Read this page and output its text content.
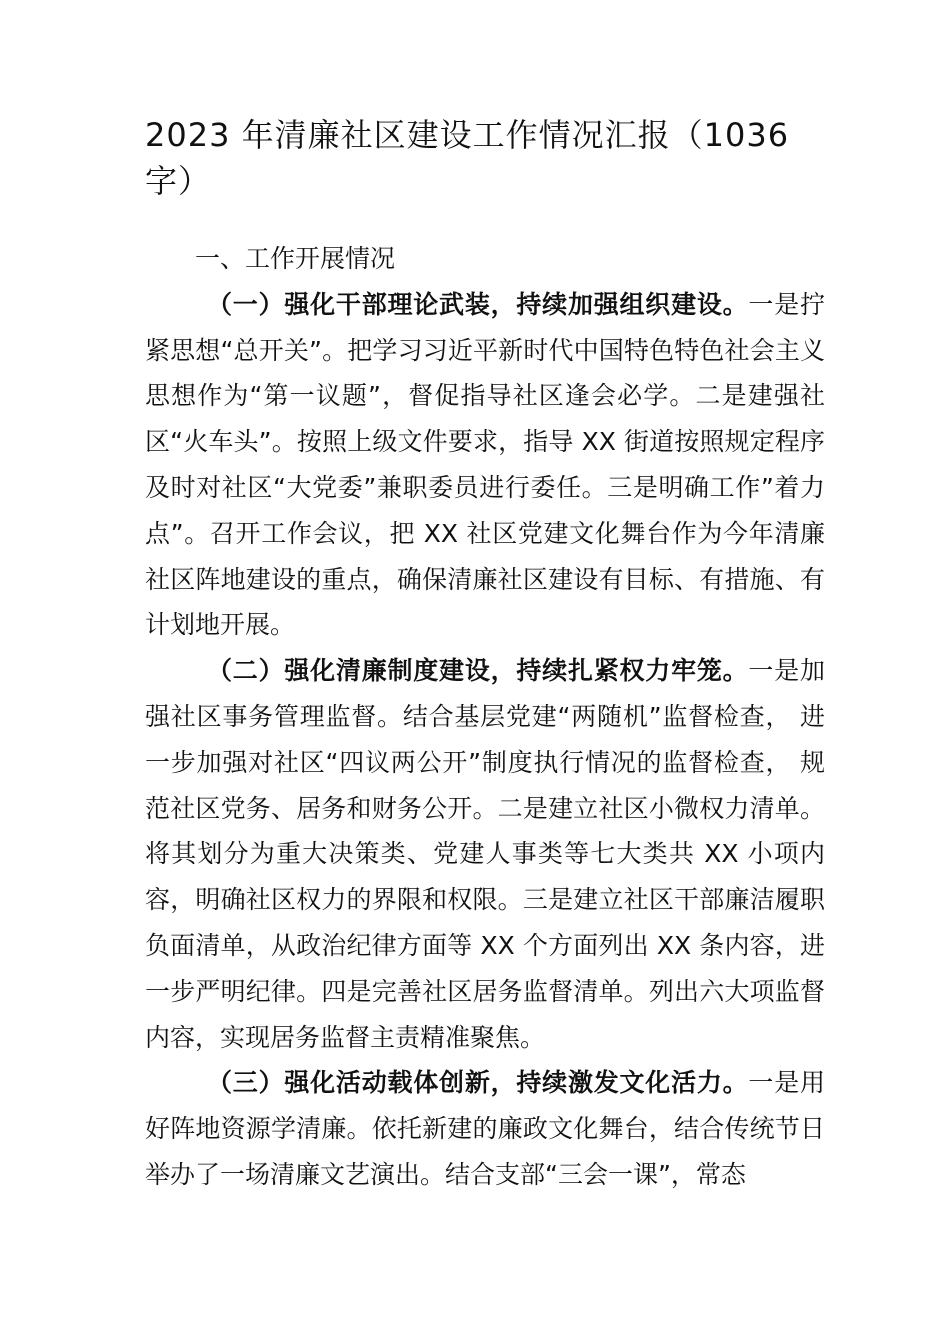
2023 年清廉社区建设工作情况汇报（1036字）

一、工作开展情况

（一）强化干部理论武装，持续加强组织建设。一是拧紧思想“总开关”。把学习习近平新时代中国特色特色社会主义思想作为“第一议题”，督促指导社区逢会必学。二是建强社区“火车头”。按照上级文件要求，指导 XX 街道按照规定程序及时对社区“大党委”兼职委员进行委任。三是明确工作”着力点”。召开工作会议，把 XX 社区党建文化舞台作为今年清廉社区阵地建设的重点，确保清廉社区建设有目标、有措施、有计划地开展。

（二）强化清廉制度建设，持续扎紧权力牢笼。一是加强社区事务管理监督。结合基层党建“两随机”监督检查， 进一步加强对社区“四议两公开”制度执行情况的监督检查， 规范社区党务、居务和财务公开。二是建立社区小微权力清单。将其划分为重大决策类、党建人事类等七大类共 XX 小项内容，明确社区权力的界限和权限。三是建立社区干部廉洁履职负面清单，从政治纪律方面等 XX 个方面列出 XX 条内容，进一步严明纪律。四是完善社区居务监督清单。列出六大项监督内容，实现居务监督主责精准聚焦。

（三）强化活动载体创新，持续激发文化活力。一是用好阵地资源学清廉。依托新建的廉政文化舞台，结合传统节日举办了一场清廉文艺演出。结合支部“三会一课”，常态
